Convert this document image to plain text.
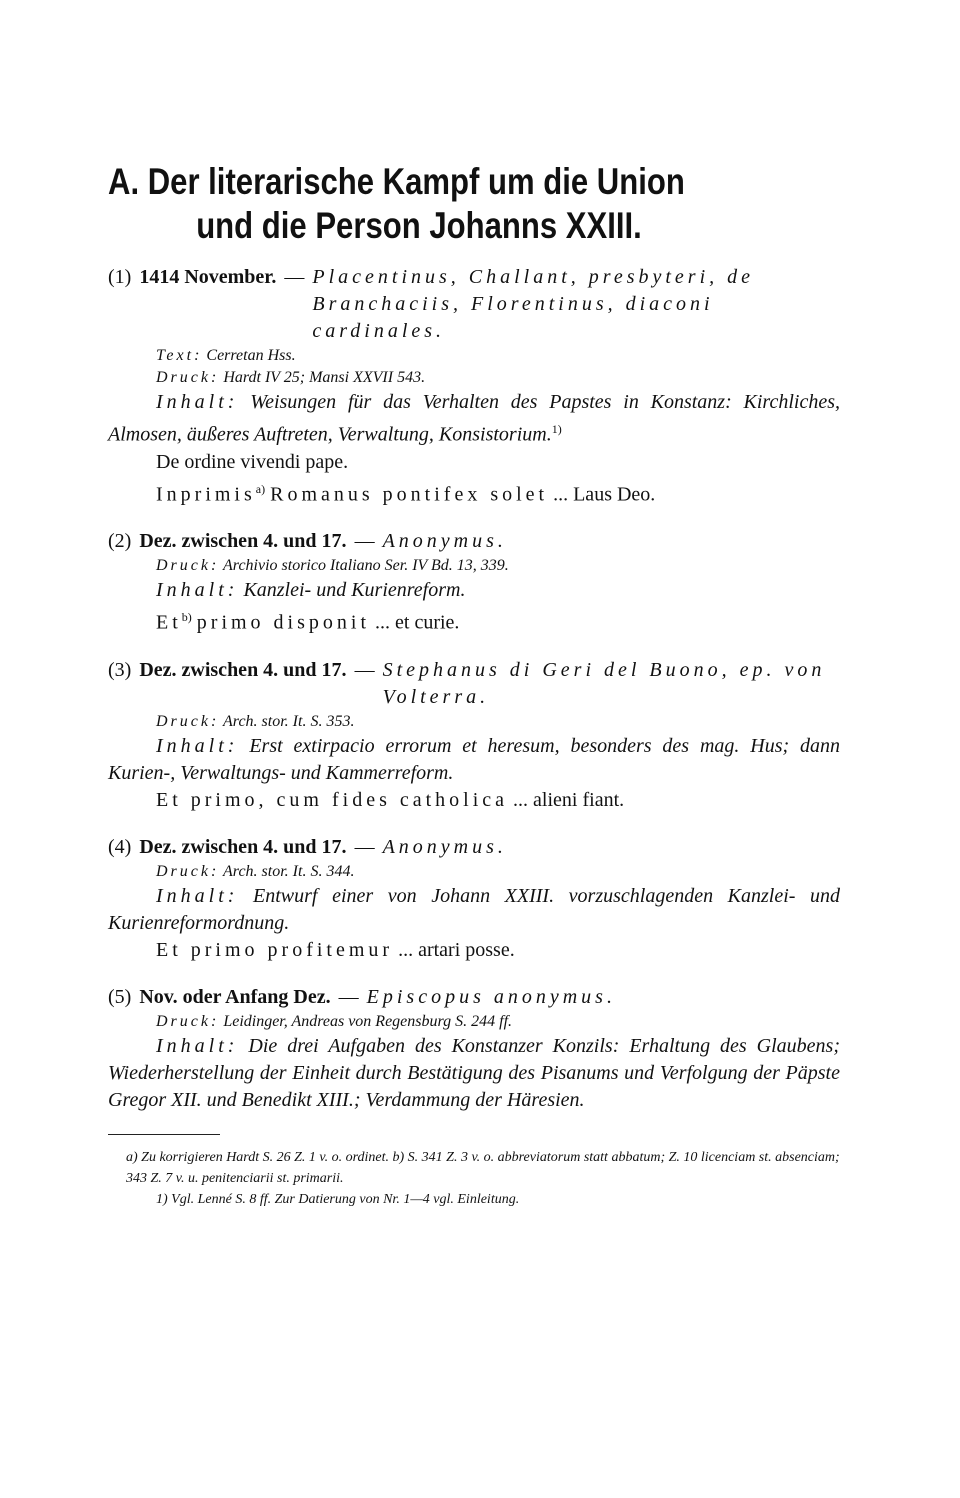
A. Der literarische Kampf um die Union
und die Person Johanns XXIII.
(1) 1414 November. — Placentinus, Challant, presbyteri, de Branchaciis, Florentinus, diaconi cardinales.
Text: Cerretan Hss.
Druck: Hardt IV 25; Mansi XXVII 543.
Inhalt: Weisungen für das Verhalten des Papstes in Konstanz: Kirchliches, Almosen, äußeres Auftreten, Verwaltung, Konsistorium.$^{1)}$
De ordine vivendi pape.
Inprimis$^{a)}$ Romanus pontifex solet ... Laus Deo.
(2) Dez. zwischen 4. und 17. — Anonymus.
Druck: Archivio storico Italiano Ser. IV Bd. 13, 339.
Inhalt: Kanzlei- und Kurienreform.
Et$^{b)}$ primo disponit ... et curie.
(3) Dez. zwischen 4. und 17. — Stephanus di Geri del Buono, ep. von Volterra.
Druck: Arch. stor. It. S. 353.
Inhalt: Erst extirpacio errorum et heresum, besonders des mag. Hus; dann Kurien-, Verwaltungs- und Kammerreform.
Et primo, cum fides catholica ... alieni fiant.
(4) Dez. zwischen 4. und 17. — Anonymus.
Druck: Arch. stor. It. S. 344.
Inhalt: Entwurf einer von Johann XXIII. vorzuschlagenden Kanzlei- und Kurienreformordnung.
Et primo profitemur ... artari posse.
(5) Nov. oder Anfang Dez. — Episcopus anonymus.
Druck: Leidinger, Andreas von Regensburg S. 244 ff.
Inhalt: Die drei Aufgaben des Konstanzer Konzils: Erhaltung des Glaubens; Wiederherstellung der Einheit durch Bestätigung des Pisanums und Verfolgung der Päpste Gregor XII. und Benedikt XIII.; Verdammung der Häresien.
a) Zu korrigieren Hardt S. 26 Z. 1 v. o. ordinet. b) S. 341 Z. 3 v. o. abbreviatorum statt abbatum; Z. 10 licenciam st. absenciam; 343 Z. 7 v. u. penitenciarii st. primarii.
1) Vgl. Lenné S. 8 ff. Zur Datierung von Nr. 1—4 vgl. Einleitung.
